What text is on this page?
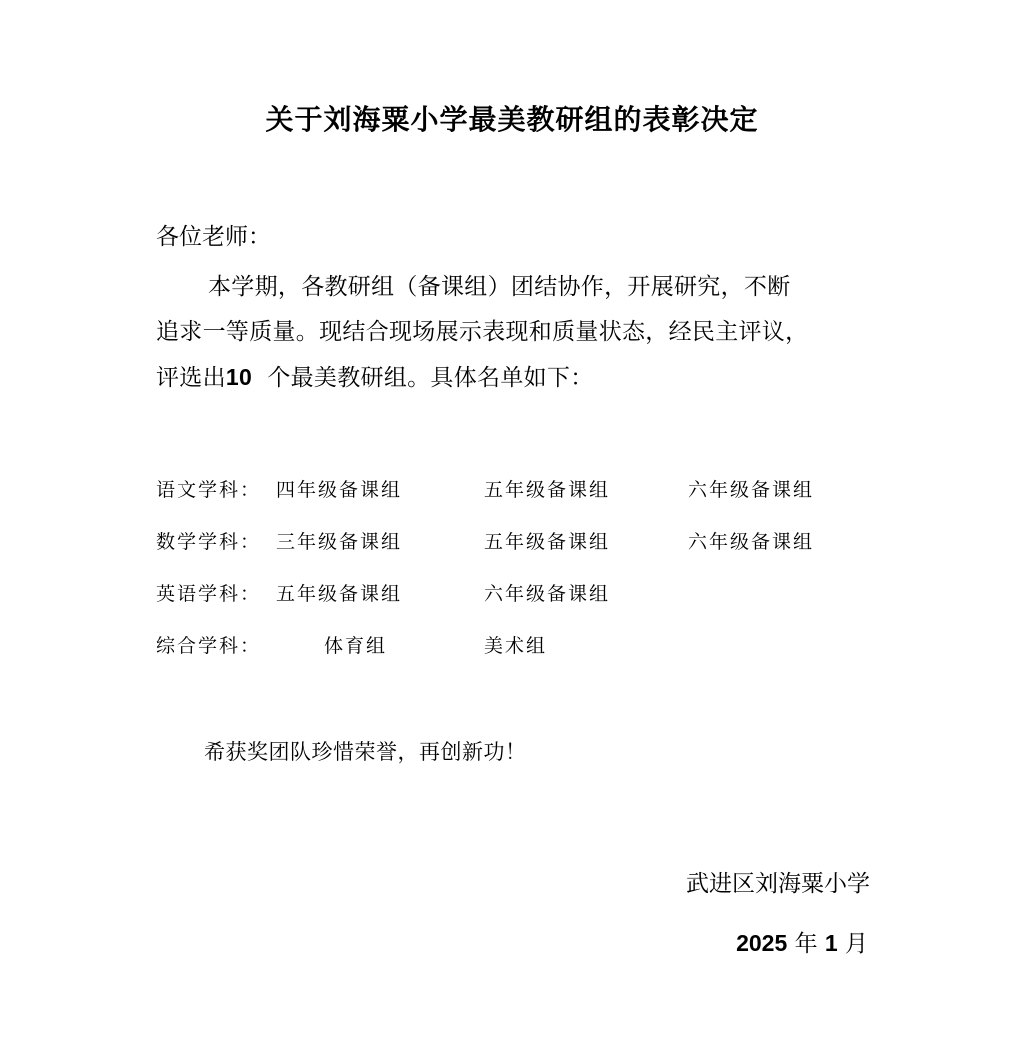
关于刘海粟小学最美教研组的表彰决定
各位老师：
本学期，各教研组（备课组）团结协作，开展研究，不断
追求一等质量。现结合现场展示表现和质量状态，经民主评议，
评选出10 个最美教研组。具体名单如下：
语文学科： 四年级备课组	五年级备课组	六年级备课组
数学学科： 三年级备课组	五年级备课组	六年级备课组
英语学科： 五年级备课组	六年级备课组
综合学科：	体育组	美术组
希获奖团队珍惜荣誉，再创新功！
武进区刘海粟小学
2025 年 1 月
